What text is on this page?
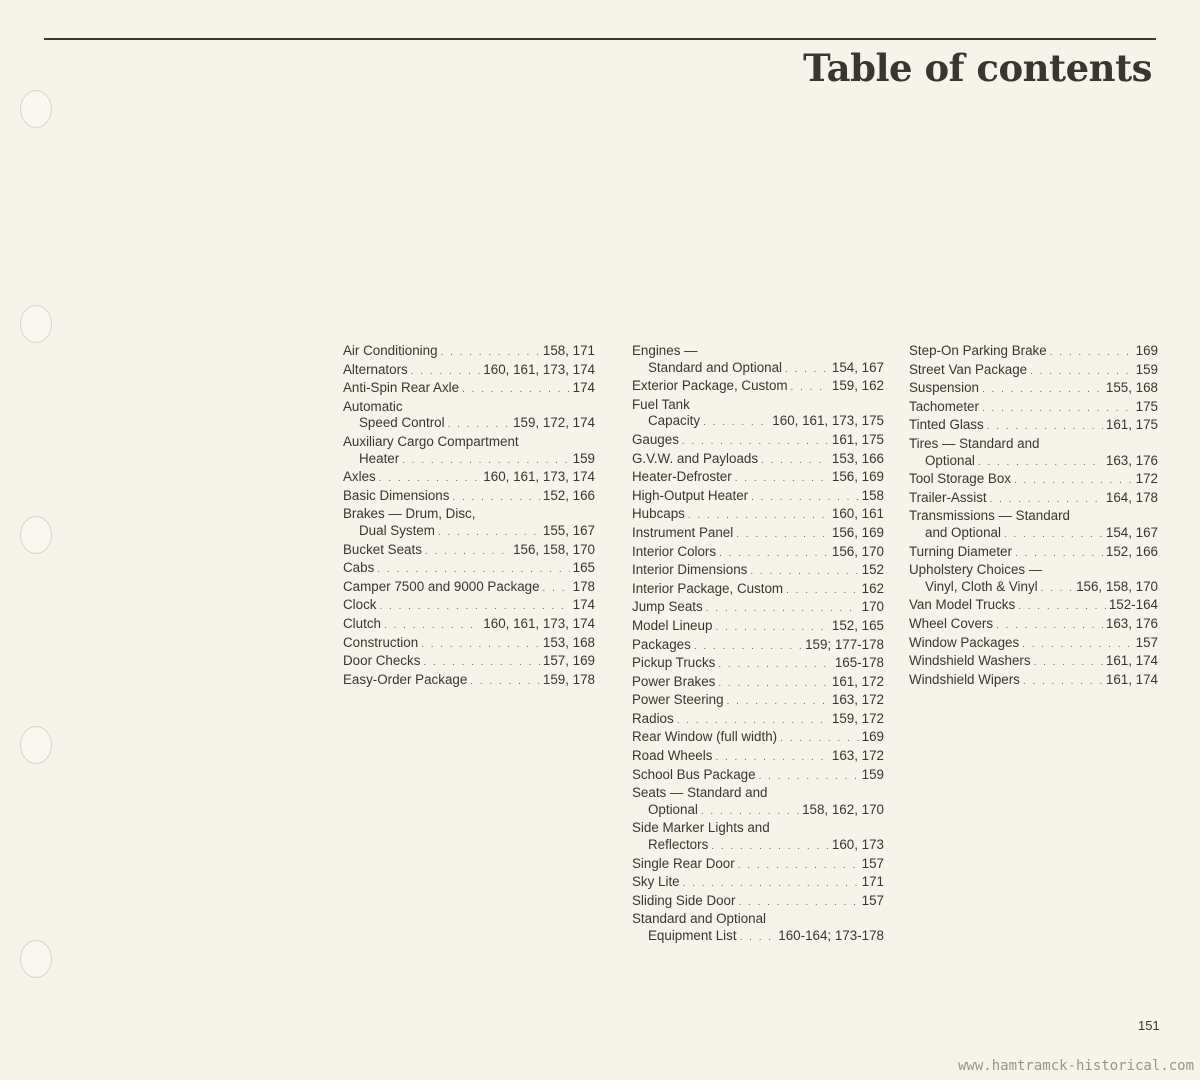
Table of contents
Air Conditioning . . .	158, 171
Alternators . . .	160, 161, 173, 174
Anti-Spin Rear Axle . . .	174
Automatic
Speed Control . . .	159, 172, 174
Auxiliary Cargo Compartment
Heater . . .	159
Axles . . .	160, 161, 173, 174
Basic Dimensions . . .	152, 166
Brakes — Drum, Disc,
Dual System . . .	155, 167
Bucket Seats . . .	156, 158, 170
Cabs . . .	165
Camper 7500 and 9000 Package . . . 178
Clock . . .	174
Clutch . . .	160, 161, 173, 174
Construction . . .	153, 168
Door Checks . . .	157, 169
Easy-Order Package . . .	159, 178
Engines —
Standard and Optional . . .	154, 167
Exterior Package, Custom . . .	159, 162
Fuel Tank
Capacity . . .	160, 161, 173, 175
Gauges . . .	161, 175
G.V.W. and Payloads . . .	153, 166
Heater-Defroster . . .	156, 169
High-Output Heater . . .	158
Hubcaps . . .	160, 161
Instrument Panel . . .	156, 169
Interior Colors . . .	156, 170
Interior Dimensions . . .	152
Interior Package, Custom . . .	162
Jump Seats . . .	170
Model Lineup . . .	152, 165
Packages . . .	159; 177-178
Pickup Trucks . . .	165-178
Power Brakes . . .	161, 172
Power Steering . . .	163, 172
Radios . . .	159, 172
Rear Window (full width) . . .	169
Road Wheels . . .	163, 172
School Bus Package . . .	159
Seats — Standard and
Optional . . .	158, 162, 170
Side Marker Lights and
Reflectors . . .	160, 173
Single Rear Door . . .	157
Sky Lite . . .	171
Sliding Side Door . . .	157
Standard and Optional
Equipment List . . .	160-164; 173-178
Step-On Parking Brake . . .	169
Street Van Package . . .	159
Suspension . . .	155, 168
Tachometer . . .	175
Tinted Glass . . .	161, 175
Tires — Standard and
Optional . . .	163, 176
Tool Storage Box . . .	172
Trailer-Assist . . .	164, 178
Transmissions — Standard
and Optional . . .	154, 167
Turning Diameter . . .	152, 166
Upholstery Choices —
Vinyl, Cloth & Vinyl . . .	156, 158, 170
Van Model Trucks . . .	152-164
Wheel Covers . . .	163, 176
Window Packages . . .	157
Windshield Washers . . .	161, 174
Windshield Wipers . . .	161, 174
151
www.hamtramck-historical.com
